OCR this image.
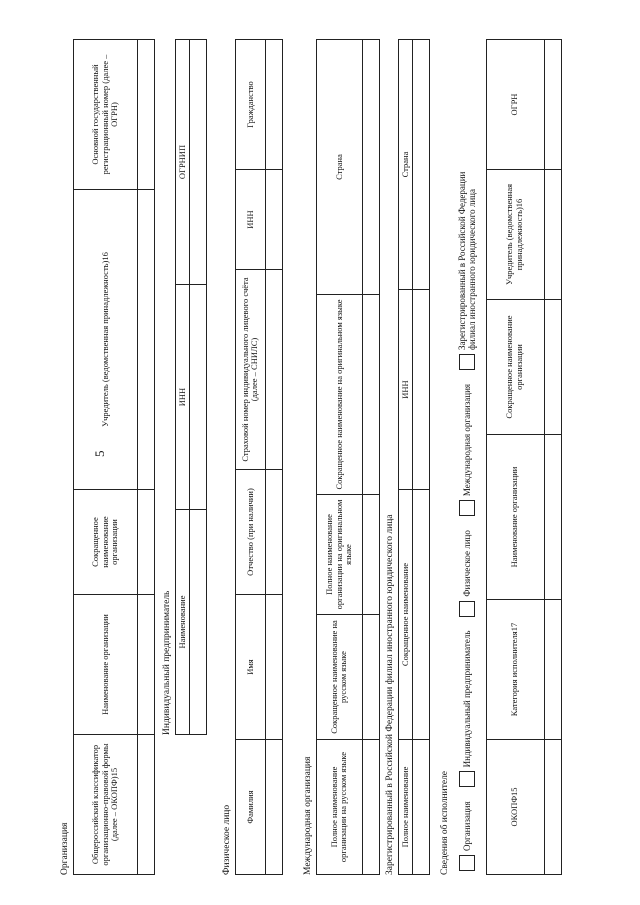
5
Организация Общероссийский классификатор организационно-правовой формы (далее – ОКОПФ)15	Наименование организации	Сокращенное наименование организации	Учредитель (ведомственная принадлежность)16	Основной государственный регистрационный номер (далее – ОГРН)

Индивидуальный предприниматель Наименование	ИНН	ОГРНИП

Физическое лицо Фамилия	Имя	Отчество (при наличии)	Страховой номер индивидуального лицевого счёта (далее – СНИЛС)	ИНН	Гражданство

Международная организация Полное наименование организации на русском языке	Сокращенное наименование на русском языке	Полное наименование организации на оригинальном языке	Сокращенное наименование на оригинальном языке	Страна

Зарегистрированный в Российской Федерации филиал иностранного юридического лица Полное наименование	Сокращенное наименование	ИНН	Страна

Сведения об исполнителе Организация
Индивидуальный предприниматель
Физическое лицо
Международная организация
Зарегистрированный в Российской Федерации филиал иностранного юридического лица
ОКОПФ15	Категория исполнителя17	Наименование организации	Сокращенное наименование организации	Учредитель (ведомственная принадлежность)16	ОГРН
